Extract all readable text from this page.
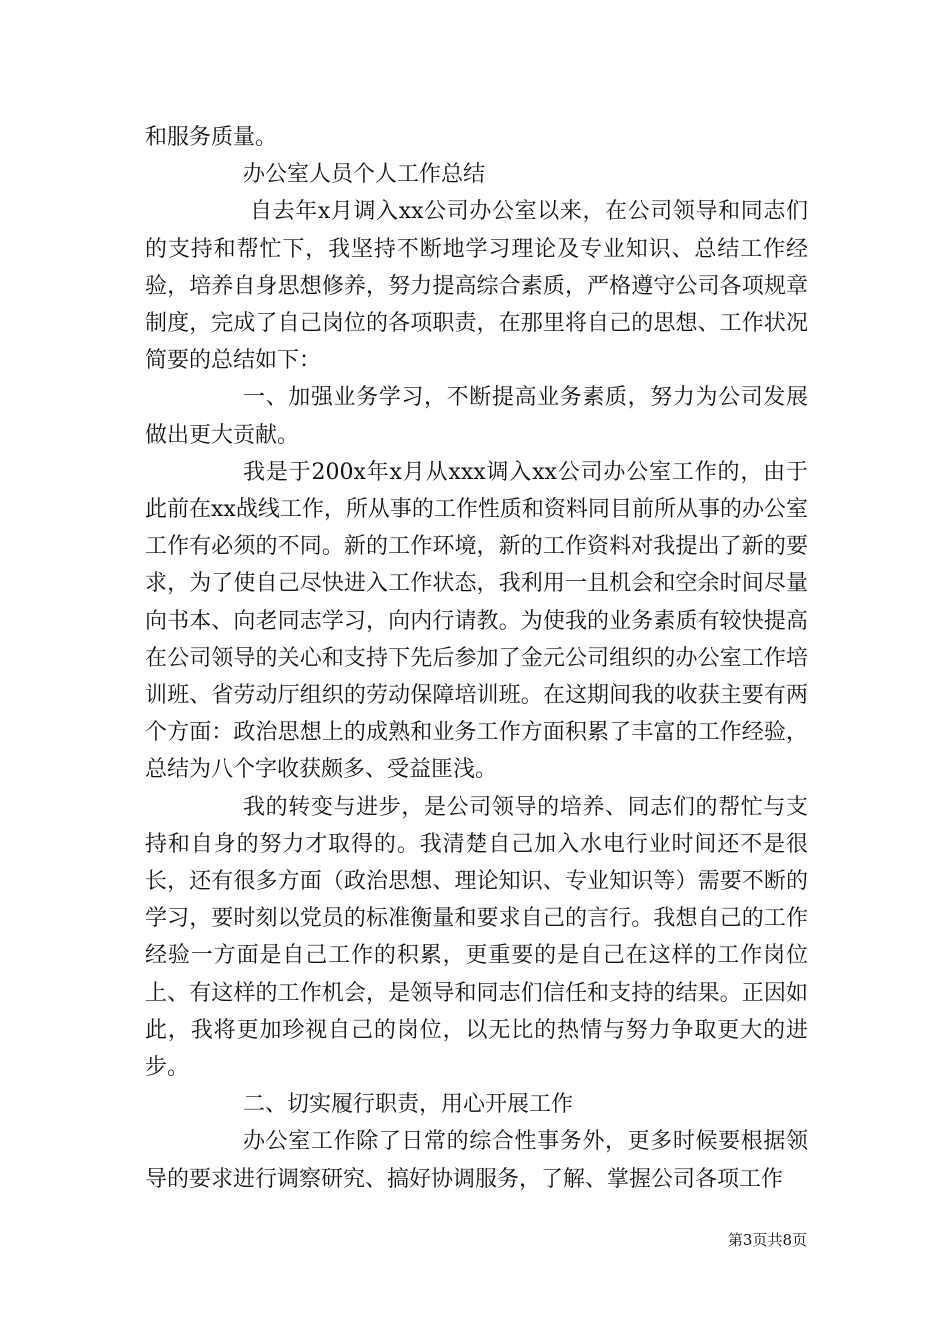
和服务质量。

办公室人员个人工作总结

自去年x月调入xx公司办公室以来，在公司领导和同志们的支持和帮忙下，我坚持不断地学习理论及专业知识、总结工作经验，培养自身思想修养，努力提高综合素质，严格遵守公司各项规章制度，完成了自己岗位的各项职责，在那里将自己的思想、工作状况简要的总结如下：

一、加强业务学习，不断提高业务素质，努力为公司发展做出更大贡献。

我是于200x年x月从xxx调入xx公司办公室工作的，由于此前在xx战线工作，所从事的工作性质和资料同目前所从事的办公室工作有必须的不同。新的工作环境，新的工作资料对我提出了新的要求，为了使自己尽快进入工作状态，我利用一且机会和空余时间尽量向书本、向老同志学习，向内行请教。为使我的业务素质有较快提高在公司领导的关心和支持下先后参加了金元公司组织的办公室工作培训班、省劳动厅组织的劳动保障培训班。在这期间我的收获主要有两个方面：政治思想上的成熟和业务工作方面积累了丰富的工作经验，总结为八个字收获颇多、受益匪浅。

我的转变与进步，是公司领导的培养、同志们的帮忙与支持和自身的努力才取得的。我清楚自己加入水电行业时间还不是很长，还有很多方面（政治思想、理论知识、专业知识等）需要不断的学习，要时刻以党员的标准衡量和要求自己的言行。我想自己的工作经验一方面是自己工作的积累，更重要的是自己在这样的工作岗位上、有这样的工作机会，是领导和同志们信任和支持的结果。正因如此，我将更加珍视自己的岗位，以无比的热情与努力争取更大的进步。

二、切实履行职责，用心开展工作

办公室工作除了日常的综合性事务外，更多时候要根据领导的要求进行调察研究、搞好协调服务，了解、掌握公司各项工作

第3页共8页
